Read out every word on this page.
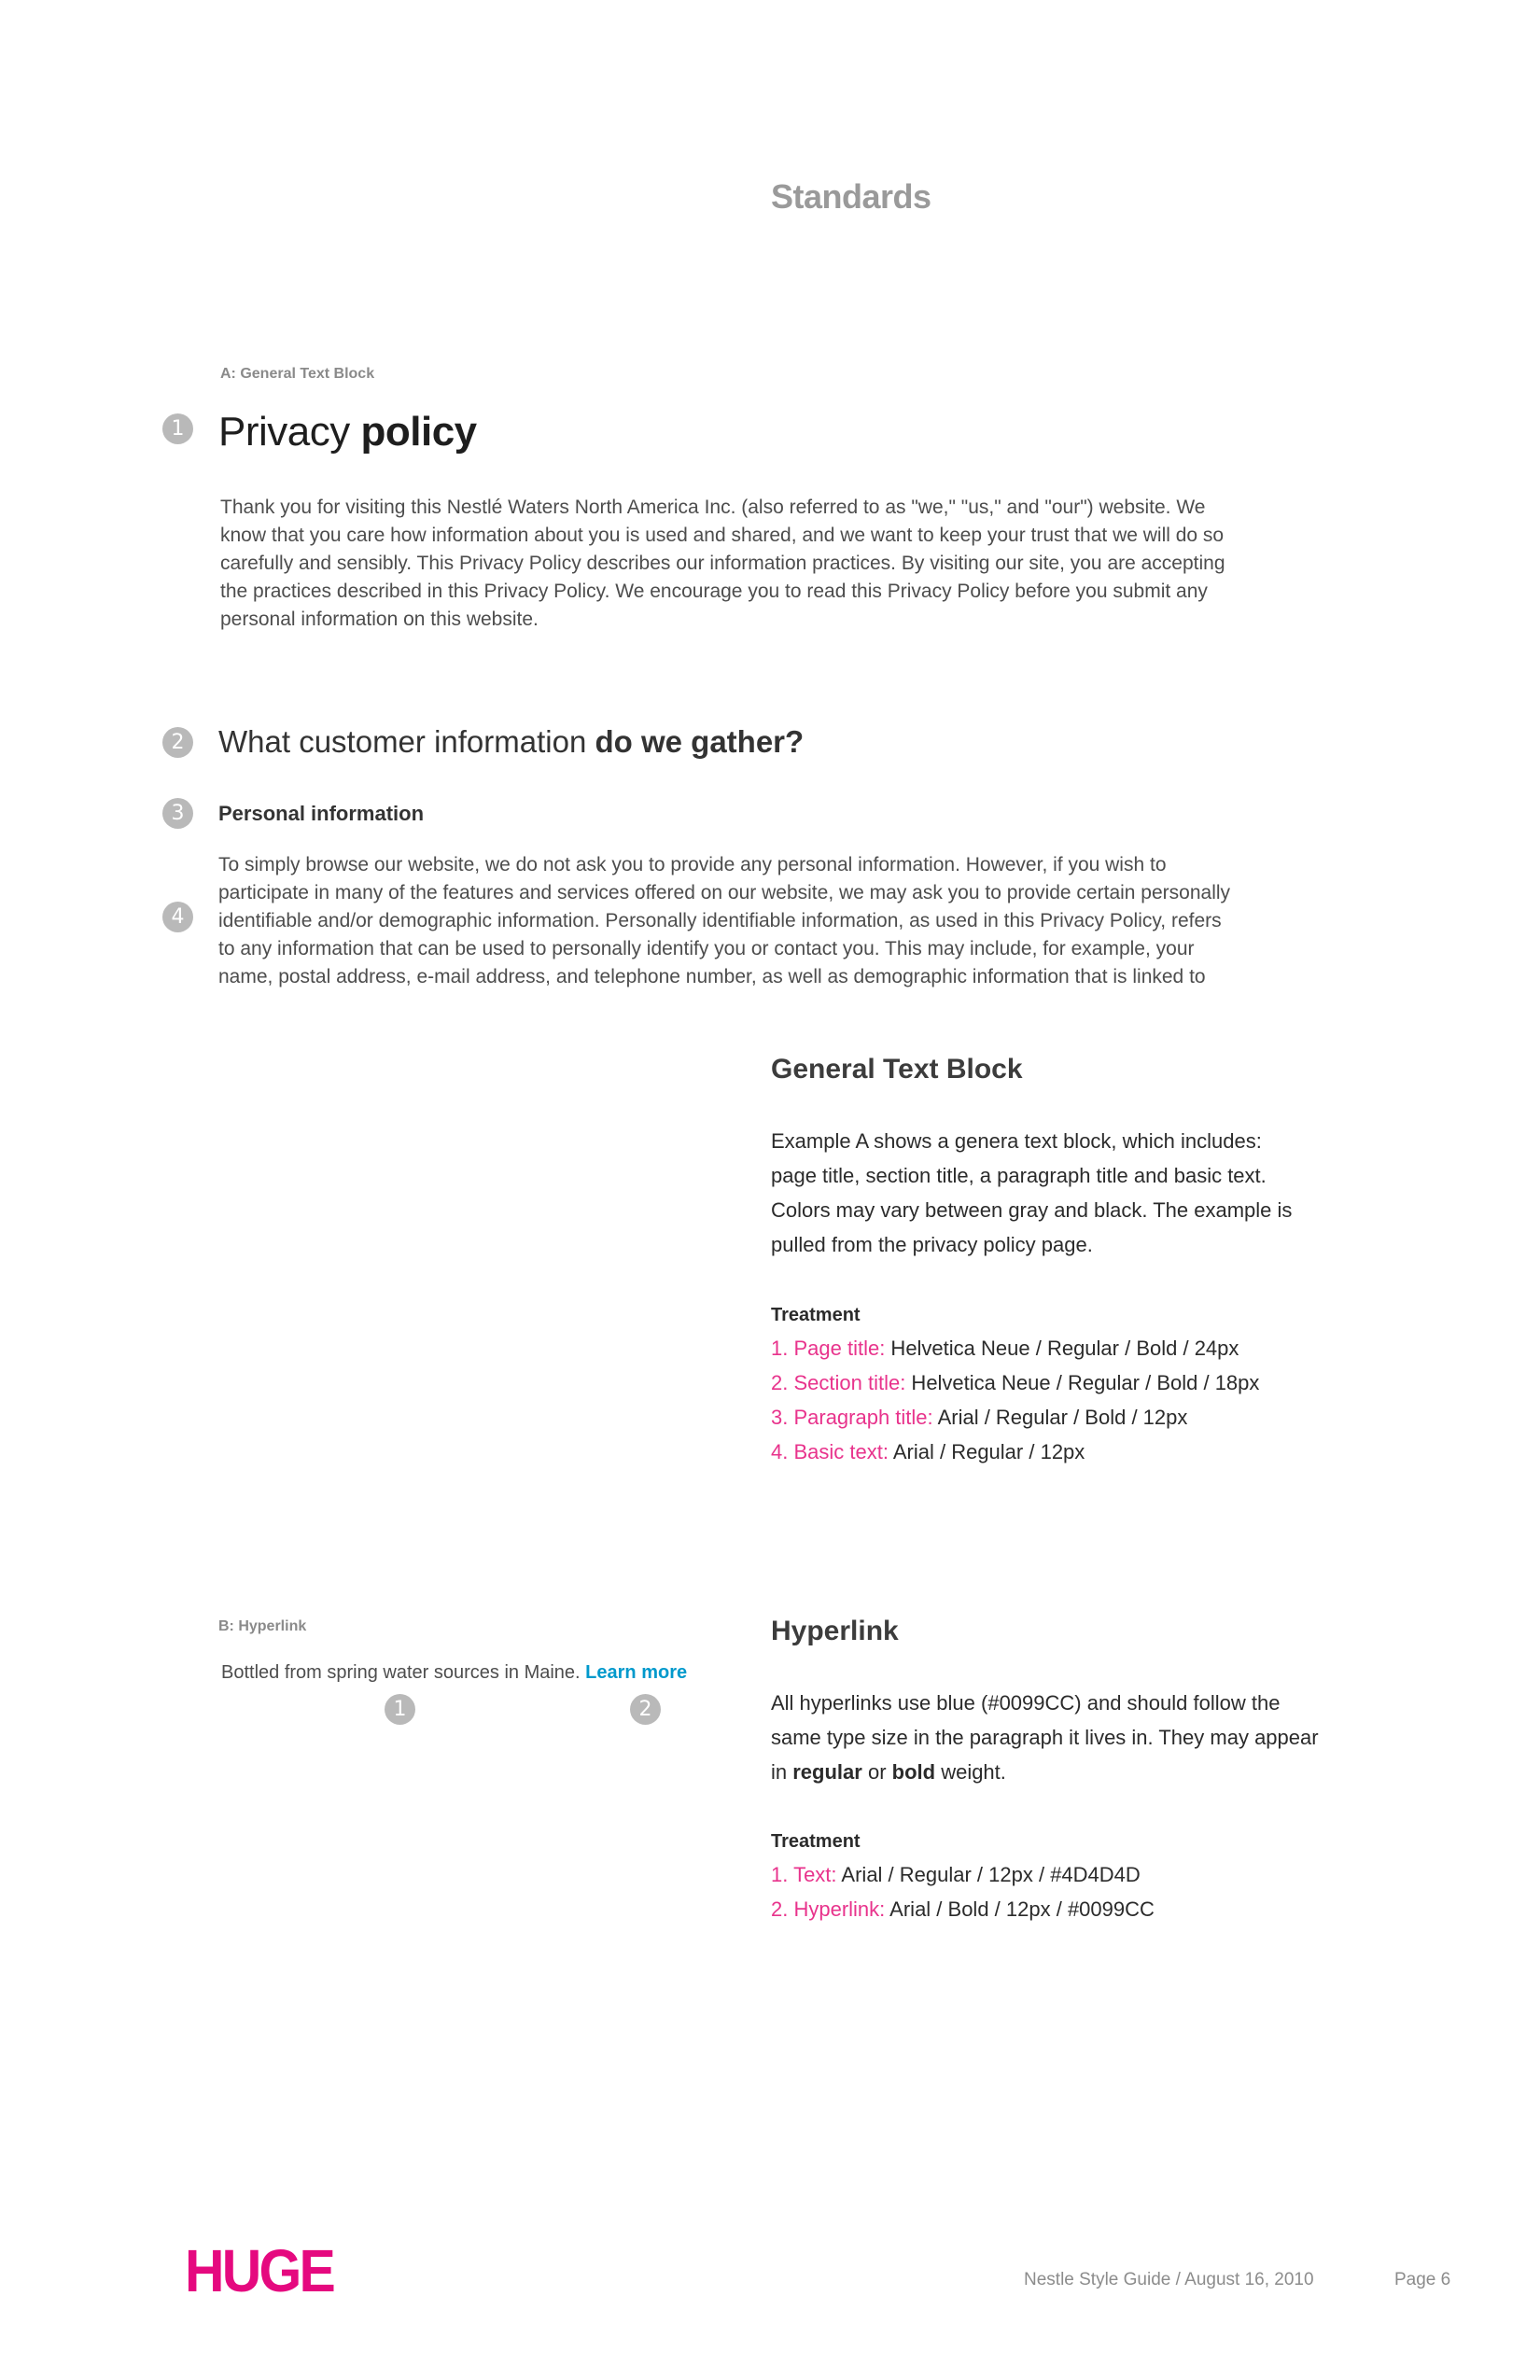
Standards

A: General Text Block

1 Privacy policy

Thank you for visiting this Nestlé Waters North America Inc. (also referred to as "we," "us," and "our") website. We

know that you care how information about you is used and shared, and we want to keep your trust that we will do so

carefully and sensibly. This Privacy Policy describes our information practices. By visiting our site, you are accepting

the practices described in this Privacy Policy. We encourage you to read this Privacy Policy before you submit any

personal information on this website.

2 What customer information do we gather?
3	Personal information
4

To simply browse our website, we do not ask you to provide any personal information. However, if you wish to

participate in many of the features and services offered on our website, we may ask you to provide certain personally

identifiable and/or demographic information. Personally identifiable information, as used in this Privacy Policy, refers

to any information that can be used to personally identify you or contact you. This may include, for example, your

name, postal address, e-mail address, and telephone number, as well as demographic information that is linked to

General Text Block

Example A shows a genera text block, which includes:

page title, section title, a paragraph title and basic text.

Colors may vary between gray and black. The example is

pulled from the privacy policy page.

Treatment

1. Page title: Helvetica Neue / Regular / Bold / 24px
2. Section title: Helvetica Neue / Regular / Bold / 18px
3. Paragraph title: Arial / Regular / Bold / 12px
4. Basic text: Arial / Regular / 12px

B: Hyperlink

Bottled from spring water sources in Maine. Learn more

1	2
Hyperlink

All hyperlinks use blue (#0099CC) and should follow the

same type size in the paragraph it lives in. They may appear

in regular or bold weight.

Treatment

1. Text: Arial / Regular / 12px / #4D4D4D
2. Hyperlink: Arial / Bold / 12px / #0099CC

HUGE	Nestle Style Guide / August 16, 2010	Page 6
